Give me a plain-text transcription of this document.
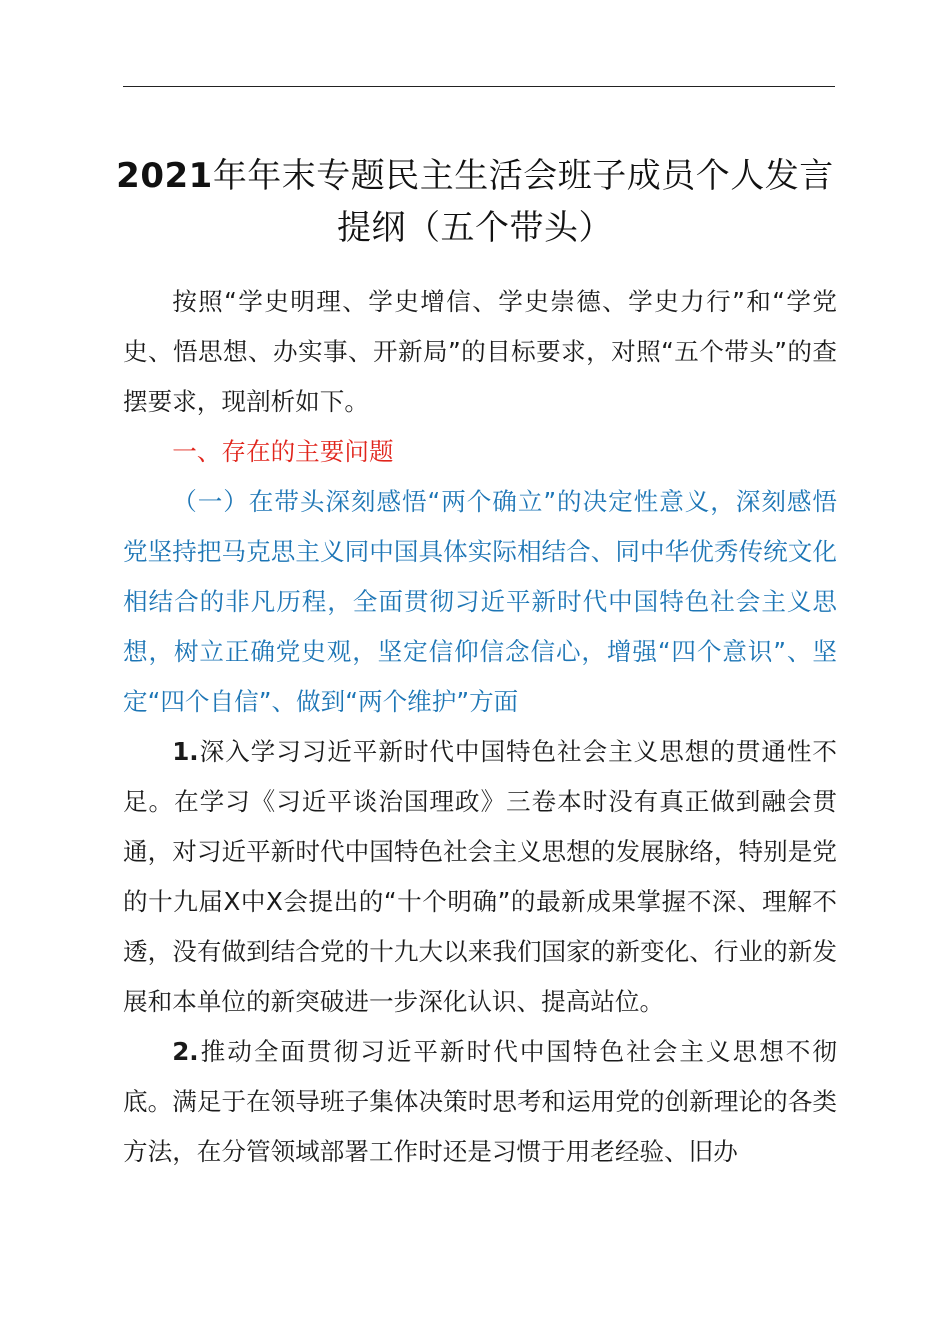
2021年年末专题民主生活会班子成员个人发言提纲（五个带头）

按照“学史明理、学史增信、学史崇德、学史力行”和“学党史、悟思想、办实事、开新局”的目标要求，对照“五个带头”的查摆要求，现剖析如下。

一、存在的主要问题

（一）在带头深刻感悟“两个确立”的决定性意义，深刻感悟党坚持把马克思主义同中国具体实际相结合、同中华优秀传统文化相结合的非凡历程，全面贯彻习近平新时代中国特色社会主义思想，树立正确党史观，坚定信仰信念信心，增强“四个意识”、坚定“四个自信”、做到“两个维护”方面

1.深入学习习近平新时代中国特色社会主义思想的贯通性不足。在学习《习近平谈治国理政》三卷本时没有真正做到融会贯通，对习近平新时代中国特色社会主义思想的发展脉络，特别是党的十九届X中X会提出的“十个明确”的最新成果掌握不深、理解不透，没有做到结合党的十九大以来我们国家的新变化、行业的新发展和本单位的新突破进一步深化认识、提高站位。

2.推动全面贯彻习近平新时代中国特色社会主义思想不彻底。满足于在领导班子集体决策时思考和运用党的创新理论的各类方法，在分管领域部署工作时还是习惯于用老经验、旧办
